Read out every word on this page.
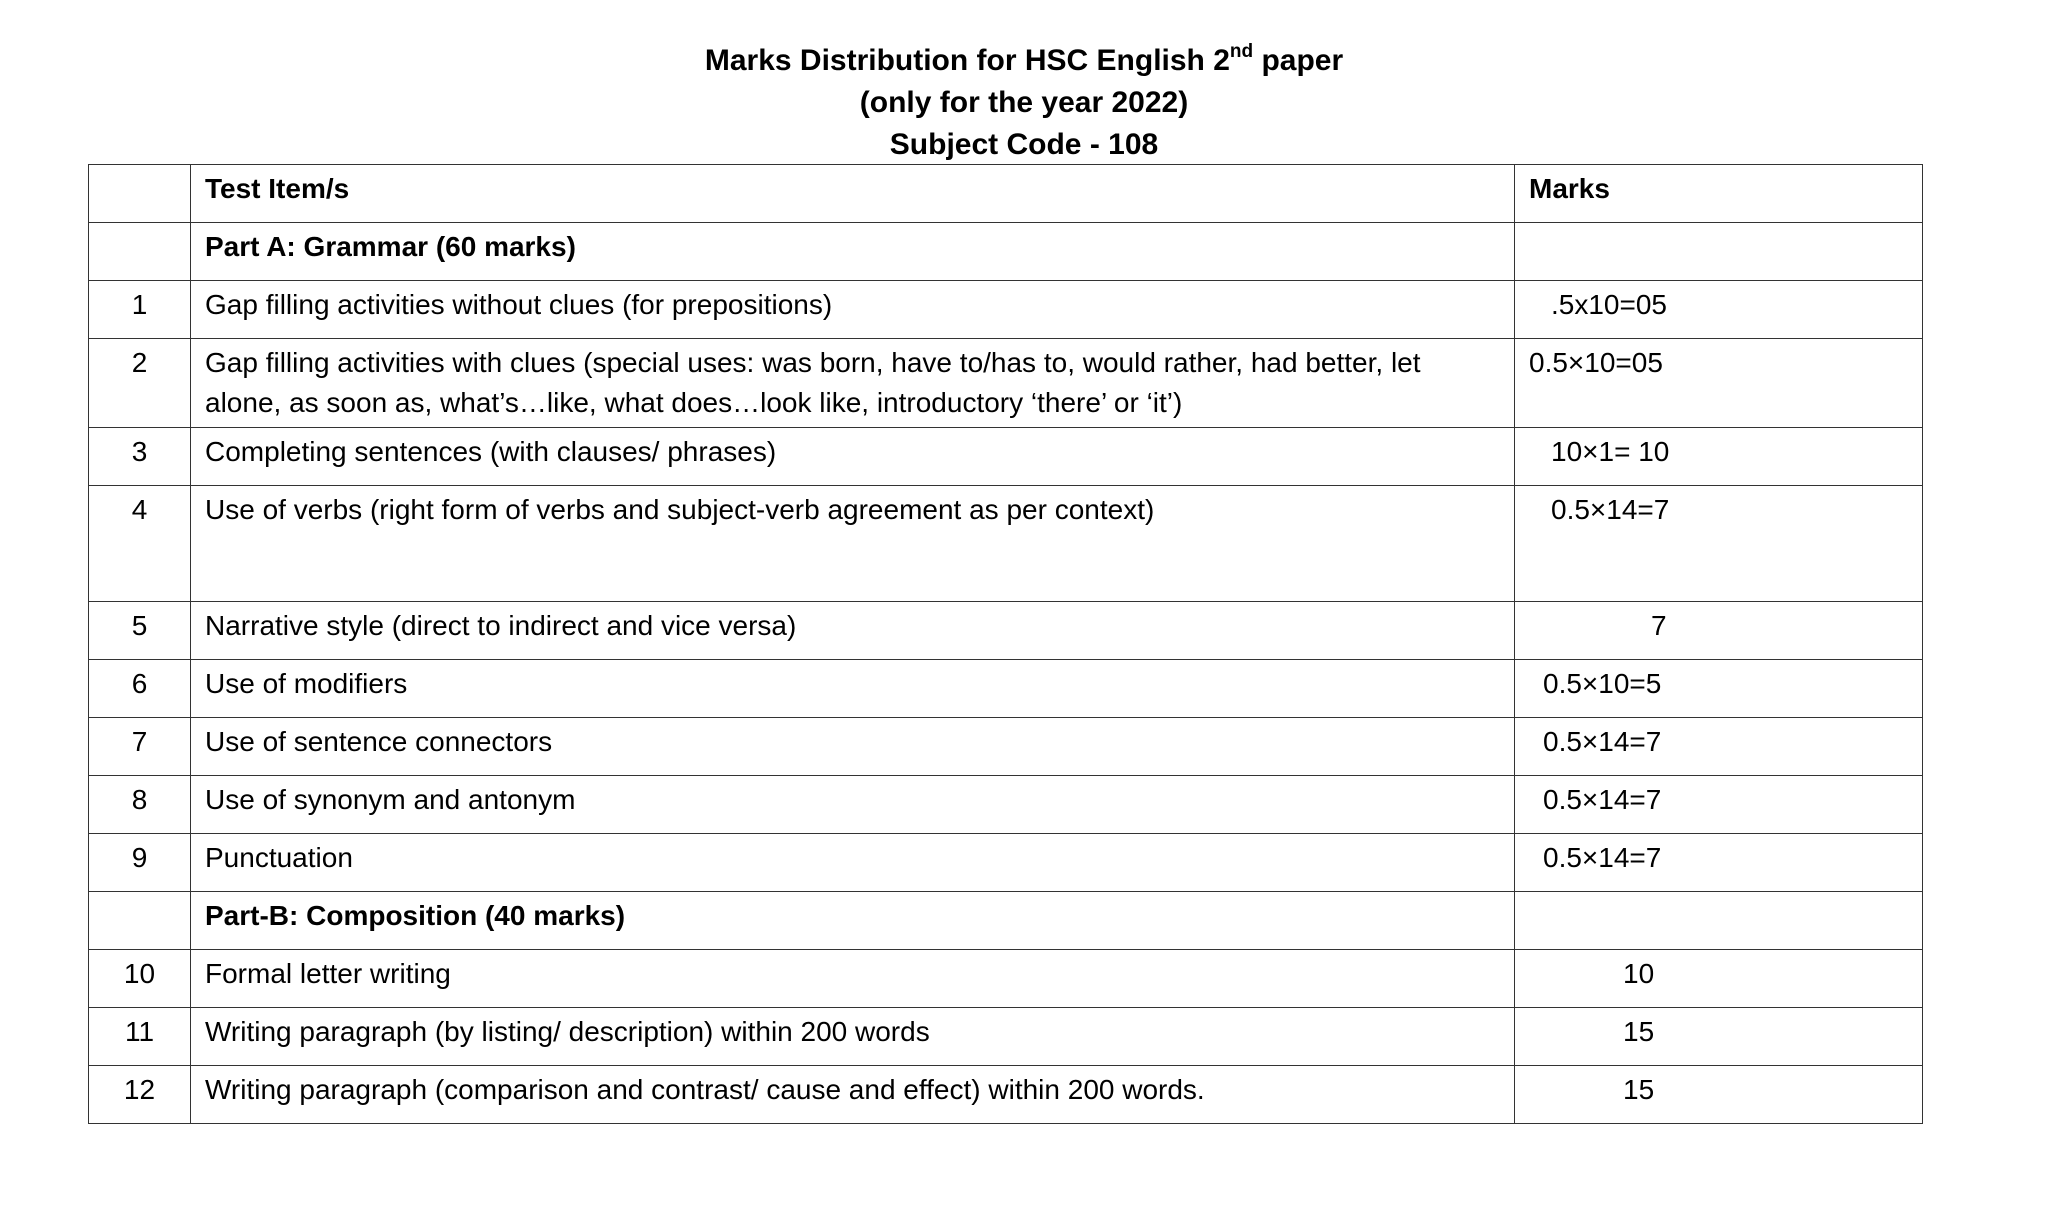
Marks Distribution for HSC English 2nd paper
(only for the year 2022)
Subject Code - 108
	Test Item/s	Marks
	Part A: Grammar (60 marks)	
1	Gap filling activities without clues (for prepositions)	.5x10=05
2	Gap filling activities with clues (special uses: was born, have to/has to, would rather, had better, let alone, as soon as, what’s…like, what does…look like, introductory ‘there’ or ‘it’)	0.5×10=05
3	Completing sentences (with clauses/ phrases)	10×1= 10
4	Use of verbs (right form of verbs and subject-verb agreement as per context)	0.5×14=7
5	Narrative style (direct to indirect and vice versa)	7
6	Use of modifiers	0.5×10=5
7	Use of sentence connectors	0.5×14=7
8	Use of synonym and antonym	0.5×14=7
9	Punctuation	0.5×14=7
	Part-B: Composition (40 marks)	
10	Formal letter writing	10
11	Writing paragraph (by listing/ description) within 200 words	15
12	Writing paragraph (comparison and contrast/ cause and effect) within 200 words.	15
